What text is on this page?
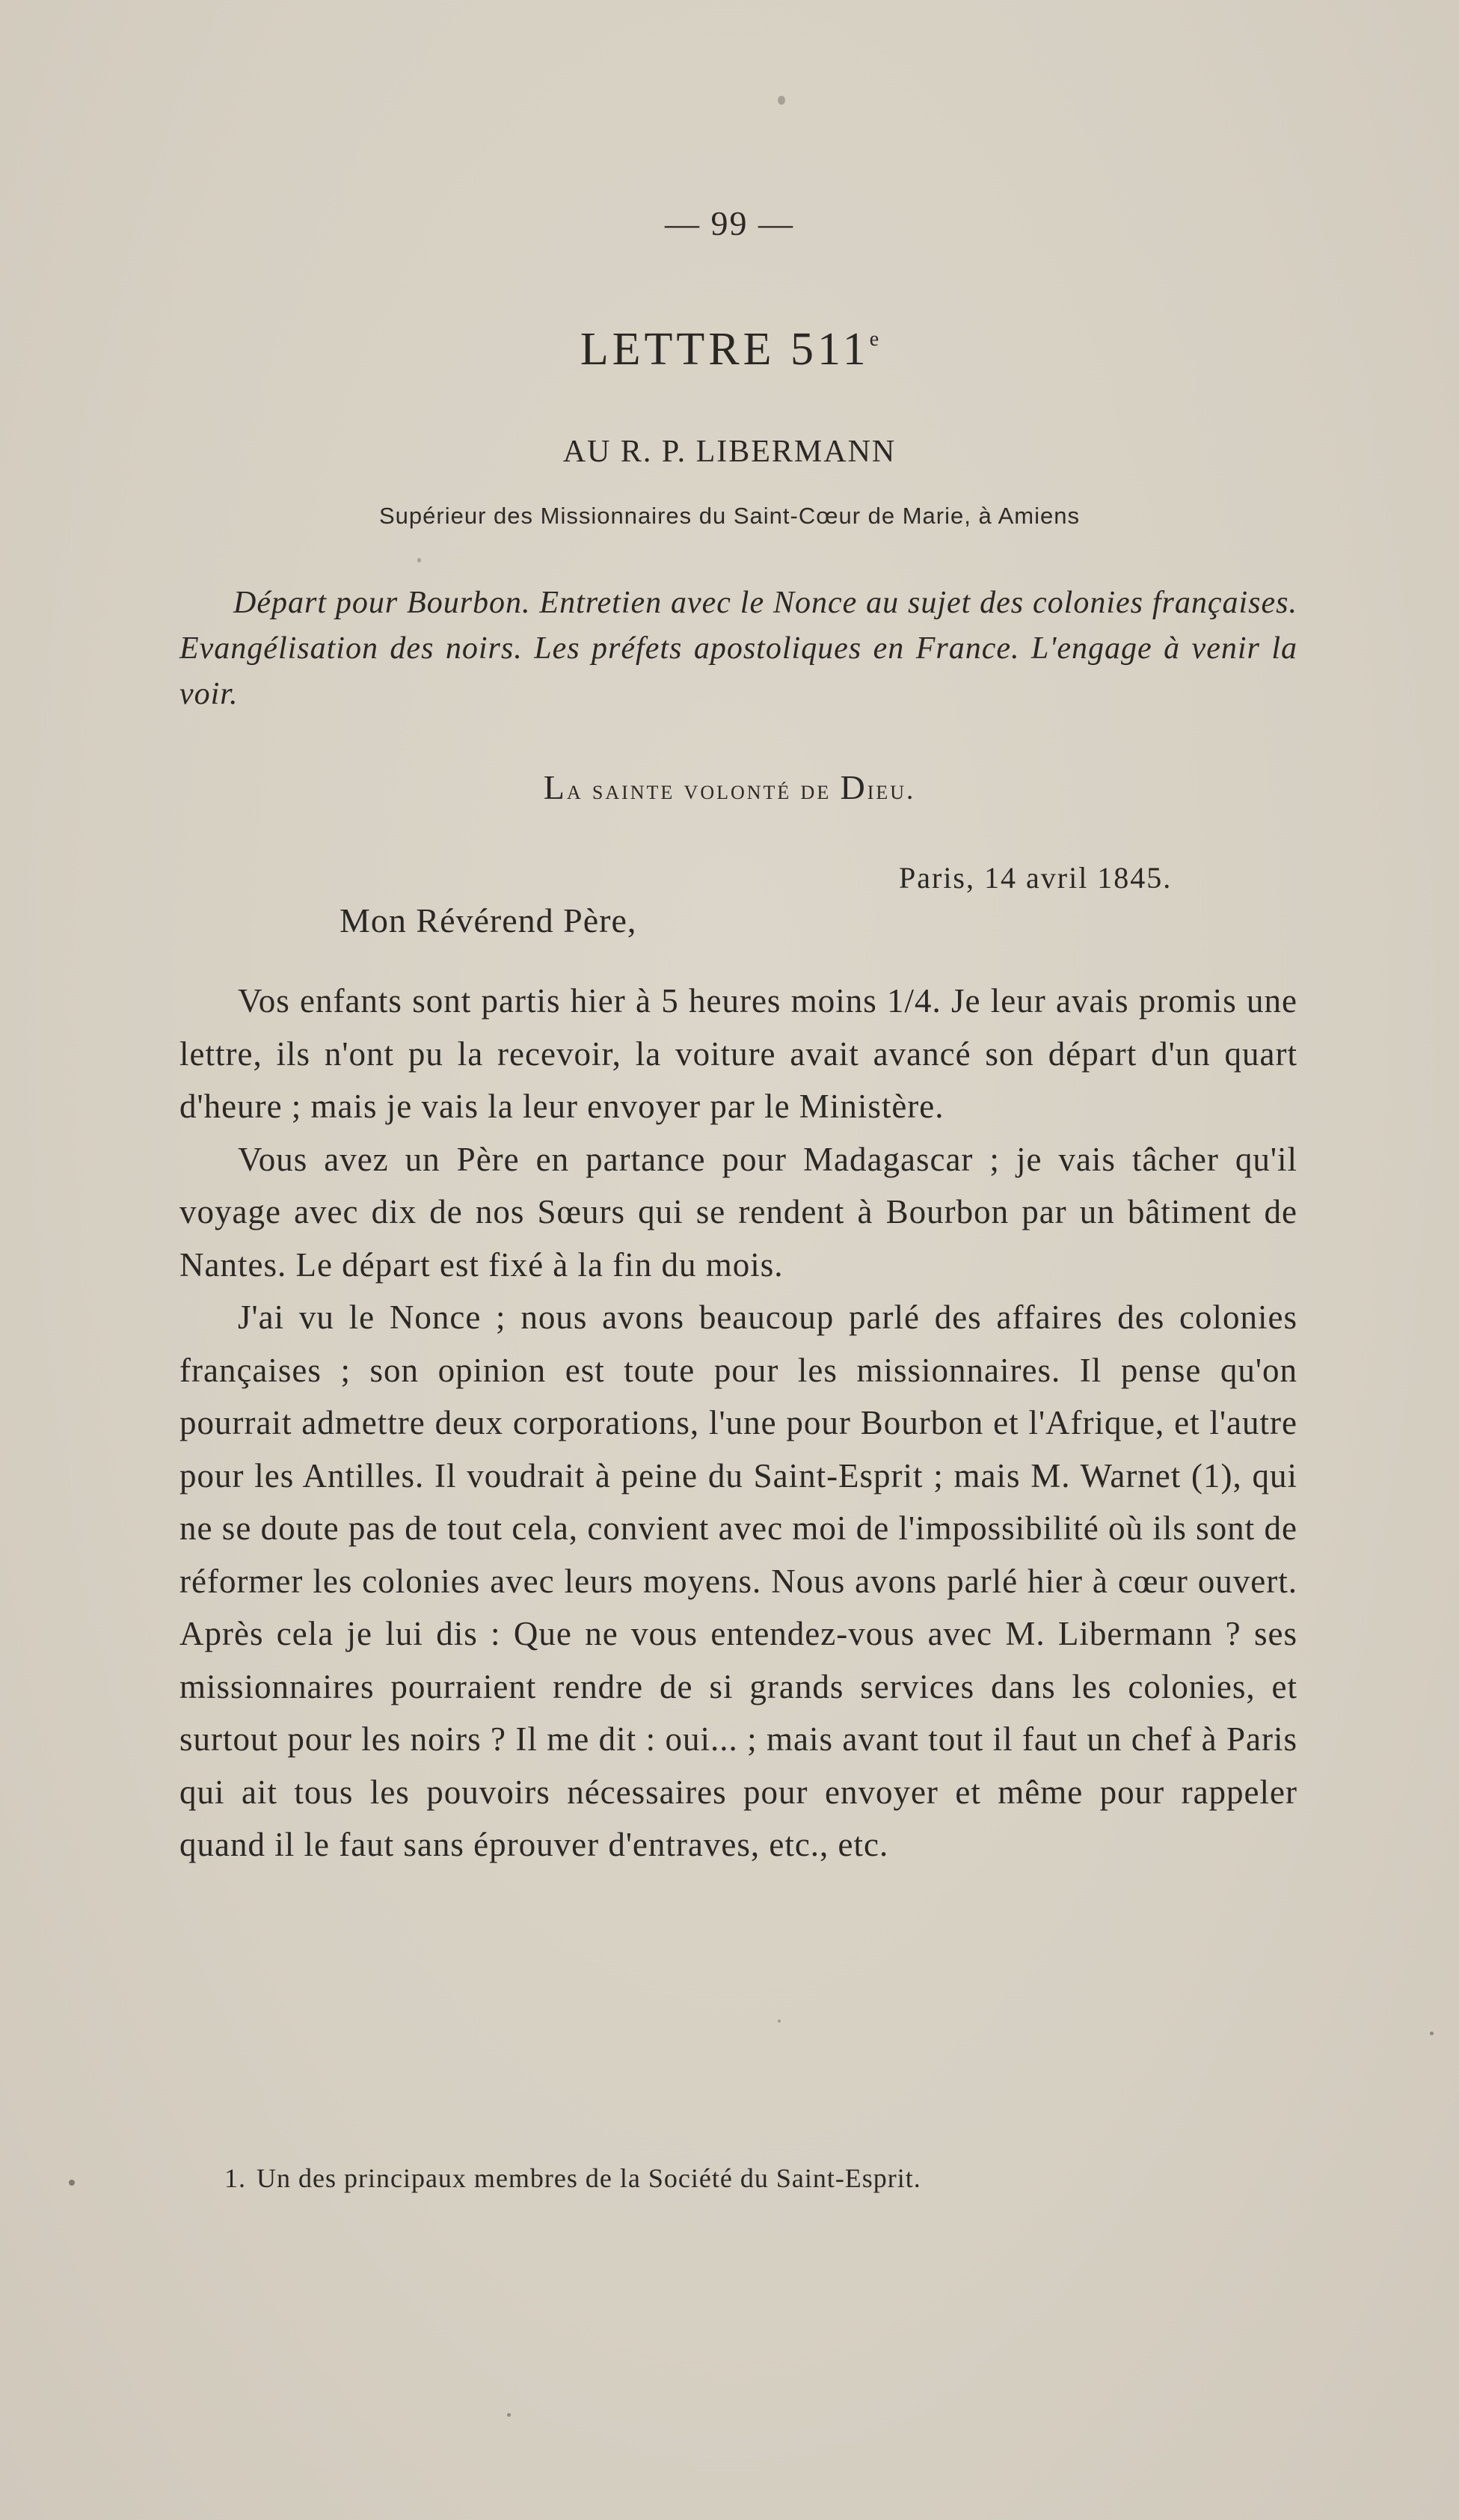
— 99 —
LETTRE 511e
AU R. P. LIBERMANN
Supérieur des Missionnaires du Saint-Cœur de Marie, à Amiens
Départ pour Bourbon. Entretien avec le Nonce au sujet des colonies françaises. Evangélisation des noirs. Les préfets apostoliques en France. L'engage à venir la voir.
La sainte volonté de Dieu.
Paris, 14 avril 1845.
Mon Révérend Père,

Vos enfants sont partis hier à 5 heures moins 1/4. Je leur avais promis une lettre, ils n'ont pu la recevoir, la voiture avait avancé son départ d'un quart d'heure ; mais je vais la leur envoyer par le Ministère.

Vous avez un Père en partance pour Madagascar ; je vais tâcher qu'il voyage avec dix de nos Sœurs qui se rendent à Bourbon par un bâtiment de Nantes. Le départ est fixé à la fin du mois.

J'ai vu le Nonce ; nous avons beaucoup parlé des affaires des colonies françaises ; son opinion est toute pour les missionnaires. Il pense qu'on pourrait admettre deux corporations, l'une pour Bourbon et l'Afrique, et l'autre pour les Antilles. Il voudrait à peine du Saint-Esprit ; mais M. Warnet (1), qui ne se doute pas de tout cela, convient avec moi de l'impossibilité où ils sont de réformer les colonies avec leurs moyens. Nous avons parlé hier à cœur ouvert. Après cela je lui dis : Que ne vous entendez-vous avec M. Libermann ? ses missionnaires pourraient rendre de si grands services dans les colonies, et surtout pour les noirs ? Il me dit : oui... ; mais avant tout il faut un chef à Paris qui ait tous les pouvoirs nécessaires pour envoyer et même pour rappeler quand il le faut sans éprouver d'entraves, etc., etc.

1. Un des principaux membres de la Société du Saint-Esprit.
